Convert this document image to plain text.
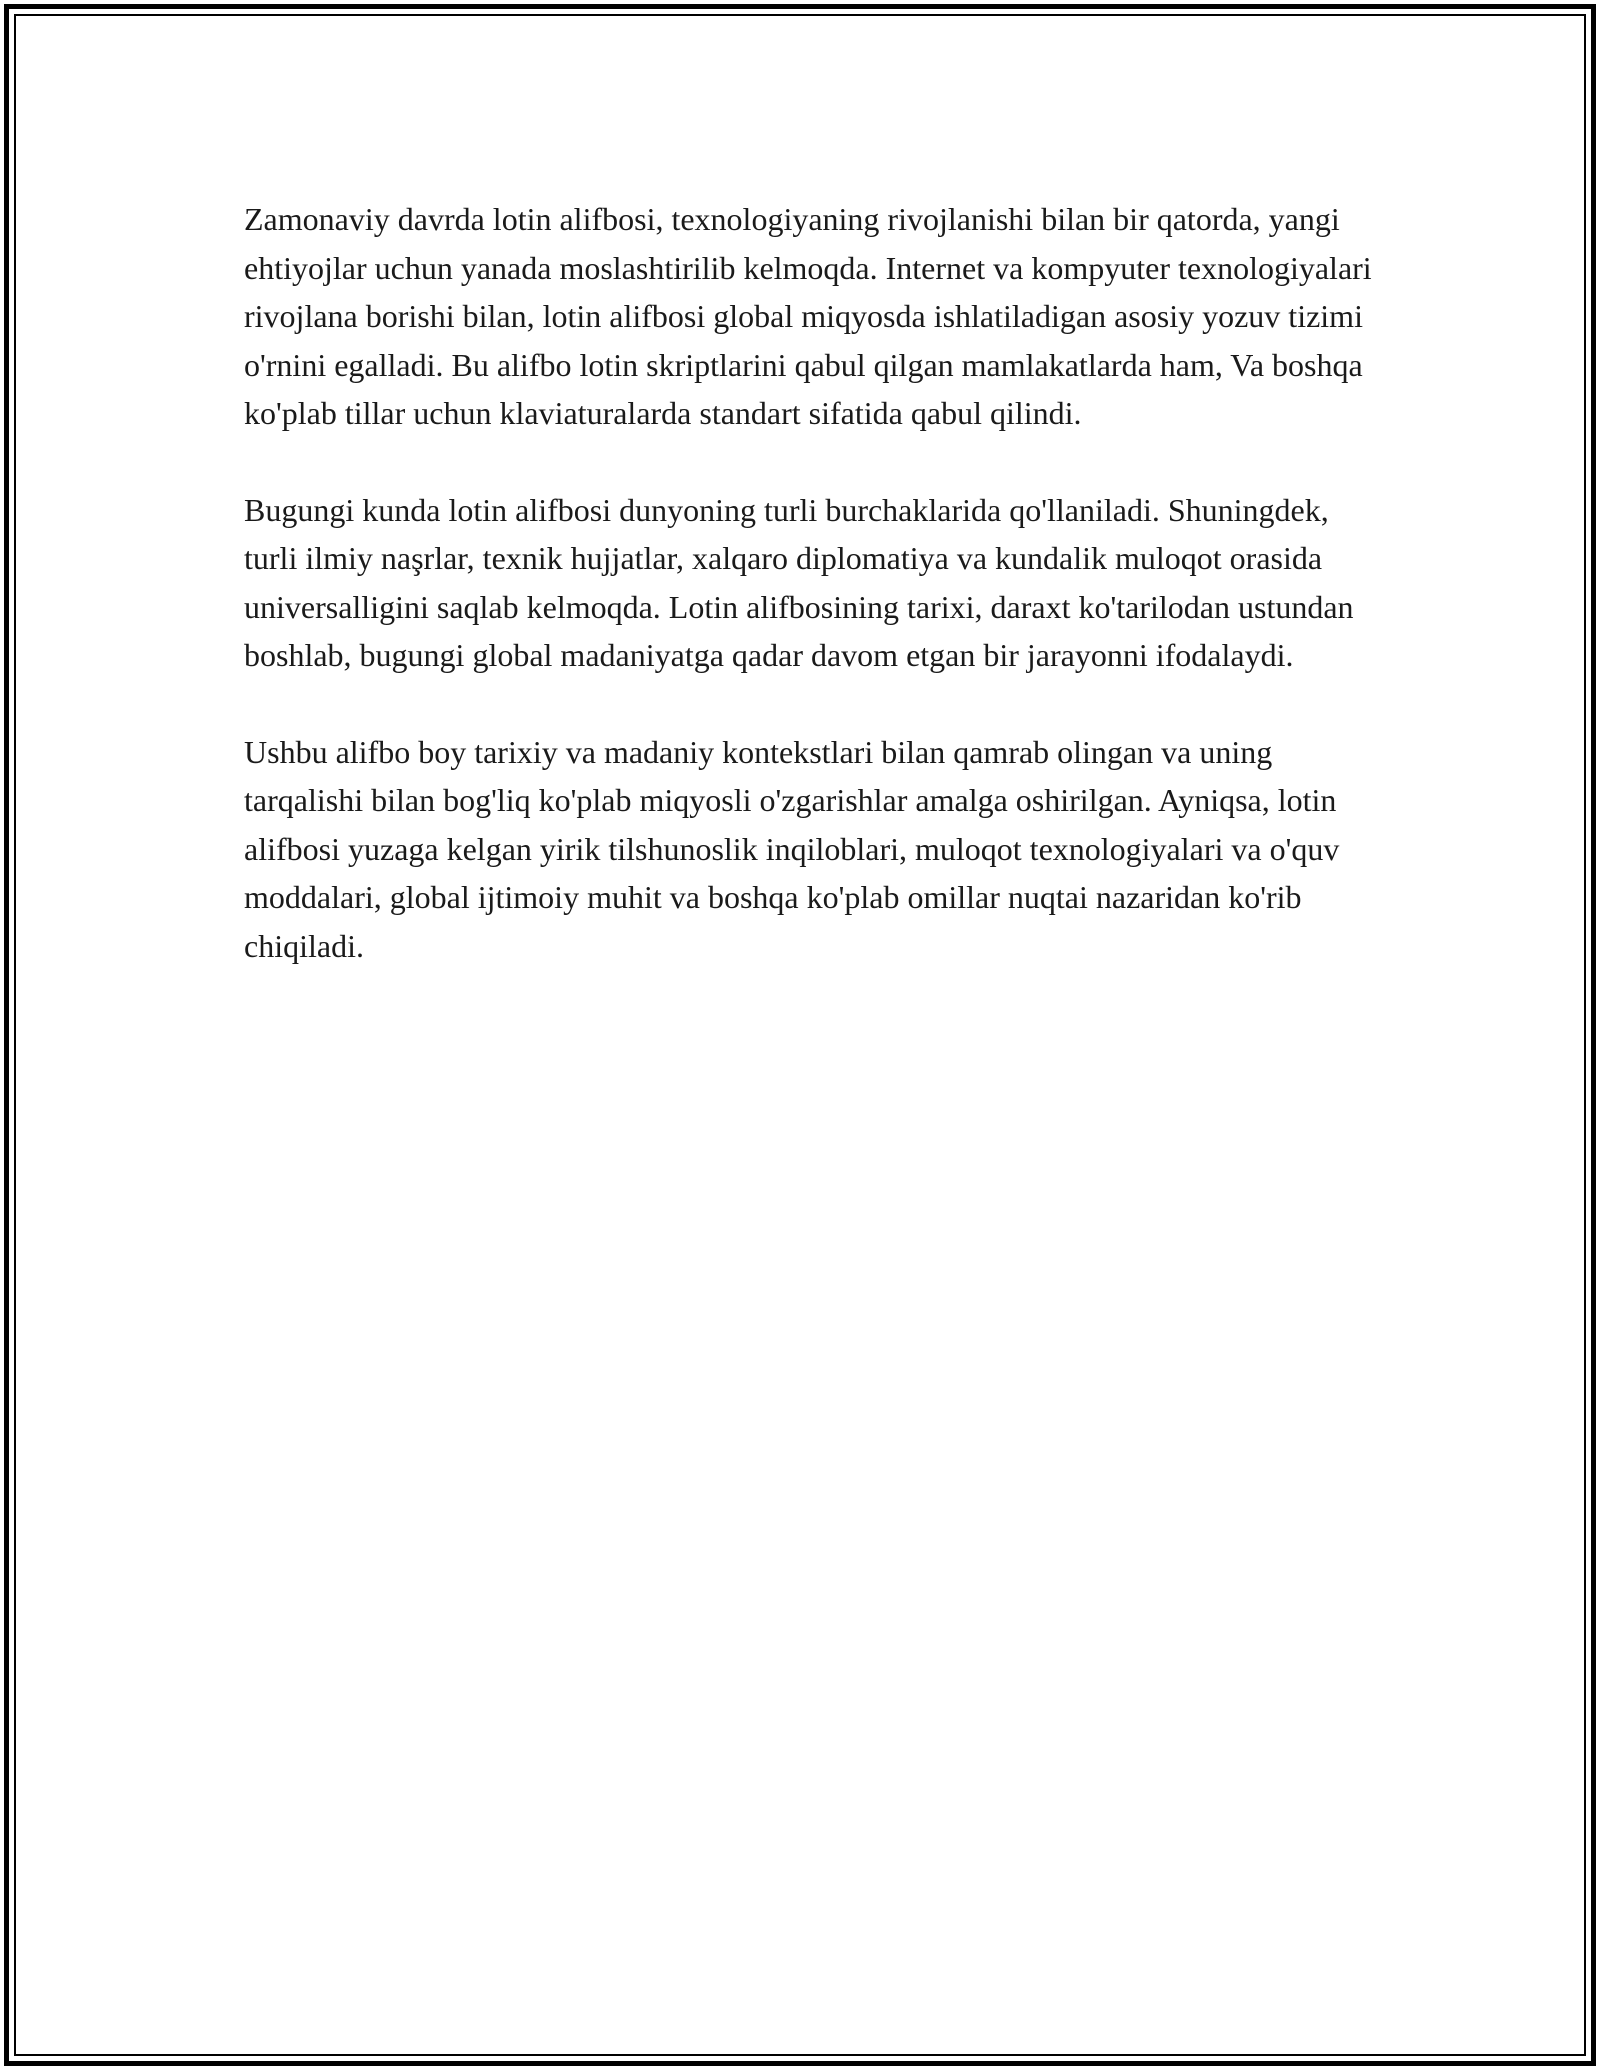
Zamonaviy davrda lotin alifbosi, texnologiyaning rivojlanishi bilan bir qatorda, yangi ehtiyojlar uchun yanada moslashtirilib kelmoqda. Internet va kompyuter texnologiyalari rivojlana borishi bilan, lotin alifbosi global miqyosda ishlatiladigan asosiy yozuv tizimi o'rnini egalladi. Bu alifbo lotin skriptlarini qabul qilgan mamlakatlarda ham, Va boshqa ko'plab tillar uchun klaviaturalarda standart sifatida qabul qilindi.

Bugungi kunda lotin alifbosi dunyoning turli burchaklarida qo'llaniladi. Shuningdek, turli ilmiy naşrlar, texnik hujjatlar, xalqaro diplomatiya va kundalik muloqot orasida universalligini saqlab kelmoqda. Lotin alifbosining tarixi, daraxt ko'tarilodan ustundan boshlab, bugungi global madaniyatga qadar davom etgan bir jarayonni ifodalaydi.

Ushbu alifbo boy tarixiy va madaniy kontekstlari bilan qamrab olingan va uning tarqalishi bilan bog'liq ko'plab miqyosli o'zgarishlar amalga oshirilgan. Ayniqsa, lotin alifbosi yuzaga kelgan yirik tilshunoslik inqiloblari, muloqot texnologiyalari va o'quv moddalari, global ijtimoiy muhit va boshqa ko'plab omillar nuqtai nazaridan ko'rib chiqiladi.
